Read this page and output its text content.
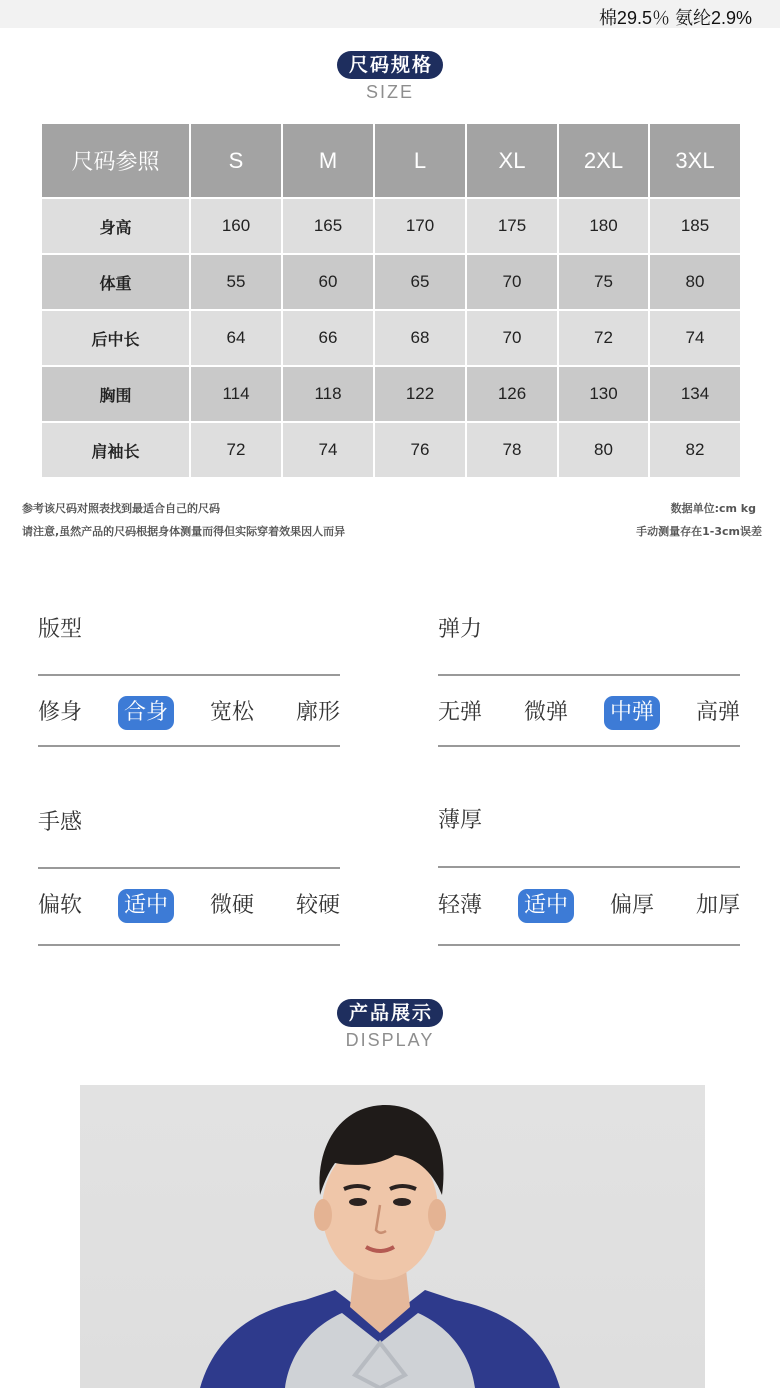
棉29.5％ 氨纶2.9%
尺码规格
SIZE
尺码参照	S	M	L	XL	2XL	3XL
身高	160	165	170	175	180	185
体重	55	60	65	70	75	80
后中长	64	66	68	70	72	74
胸围	114	118	122	126	130	134
肩袖长	72	74	76	78	80	82
参考该尺码对照表找到最适合自己的尺码
请注意,虽然产品的尺码根据身体测量而得但实际穿着效果因人而异
数据单位:cm kg
手动测量存在1-3cm误差
版型
修身 合身 宽松 廓形
弹力
无弹 微弹 中弹 高弹
手感
偏软 适中 微硬 较硬
薄厚
轻薄 适中 偏厚 加厚
产品展示
DISPLAY
